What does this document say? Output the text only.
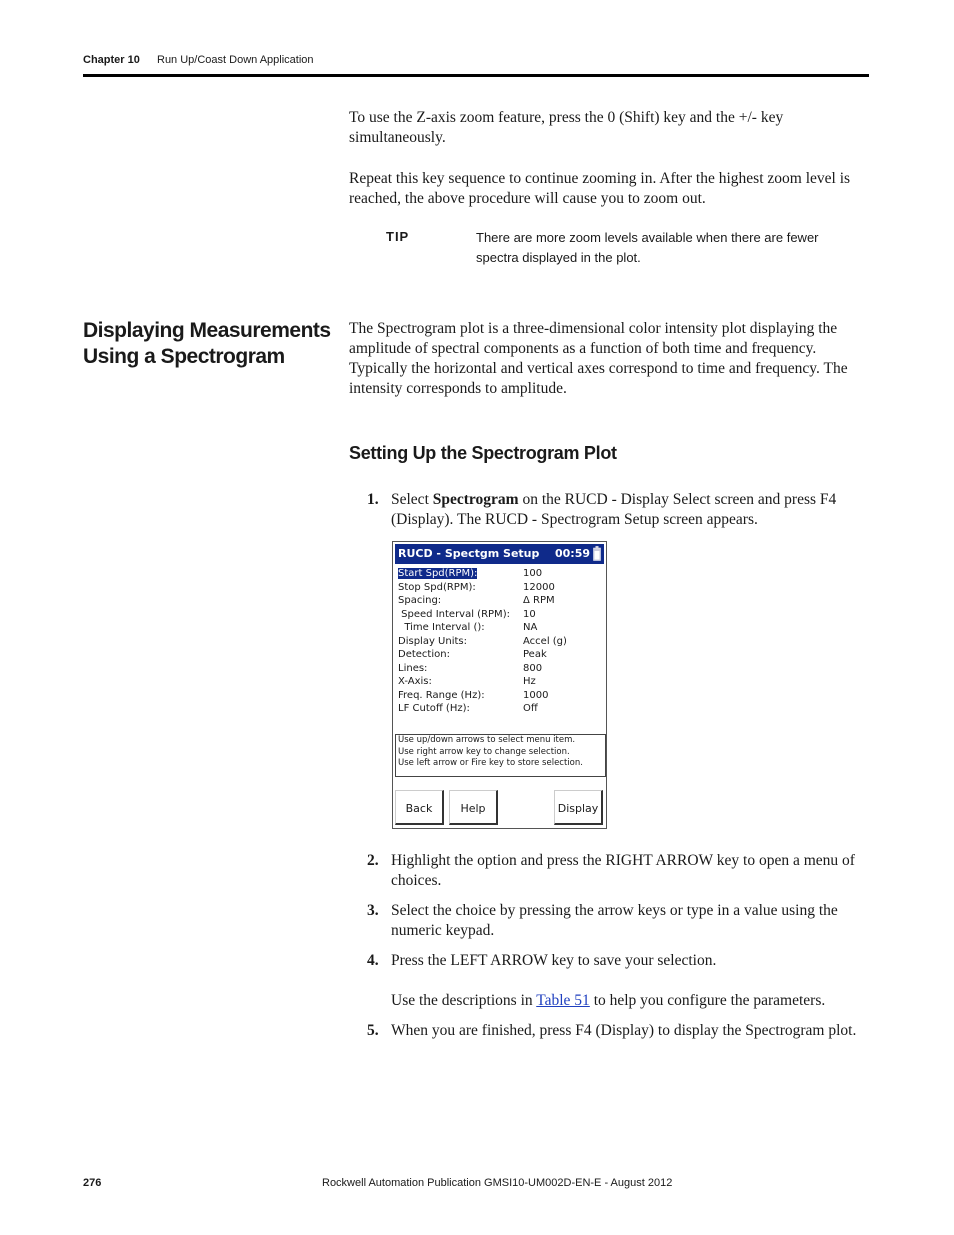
Chapter 10 Run Up/Coast Down Application
To use the Z-axis zoom feature, press the 0 (Shift) key and the +/- key simultaneously.
Repeat this key sequence to continue zooming in. After the highest zoom level is reached, the above procedure will cause you to zoom out.
TIP	There are more zoom levels available when there are fewer spectra displayed in the plot.
Displaying Measurements Using a Spectrogram
The Spectrogram plot is a three-dimensional color intensity plot displaying the amplitude of spectral components as a function of both time and frequency. Typically the horizontal and vertical axes correspond to time and frequency. The intensity corresponds to amplitude.
Setting Up the Spectrogram Plot
1. Select Spectrogram on the RUCD - Display Select screen and press F4 (Display). The RUCD - Spectrogram Setup screen appears.
RUCD - Spectgm Setup 00:59
Start Spd(RPM):	100
Stop Spd(RPM):	12000
Spacing:	Δ RPM
Speed Interval (RPM): 10
Time Interval ():	NA
Display Units:	Accel (g)
Detection:	Peak
Lines:	800
X-Axis:	Hz
Freq. Range (Hz):	1000
LF Cutoff (Hz):	Off
Use up/down arrows to select menu item.
Use right arrow key to change selection.
Use left arrow or Fire key to store selection.
Back	Help	Display
2. Highlight the option and press the RIGHT ARROW key to open a menu of choices.
3. Select the choice by pressing the arrow keys or type in a value using the numeric keypad.
4. Press the LEFT ARROW key to save your selection.
Use the descriptions in Table 51 to help you configure the parameters.
5. When you are finished, press F4 (Display) to display the Spectrogram plot.
276	Rockwell Automation Publication GMSI10-UM002D-EN-E - August 2012
